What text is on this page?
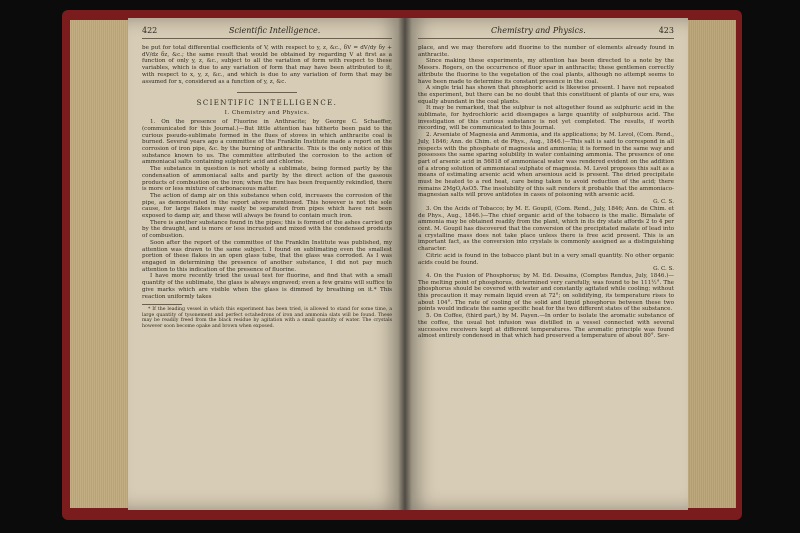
422	Scientific Intelligence.

be put for total differential coefficients of V, with respect to y, z, &c., δV = dV/dy δy + dV/dz δz, &c.; the same result that would be obtained by regarding V at first as a function of only y, z, &c., subject to all the variation of form with respect to these variables, which is due to any variation of form that may have been attributed to it, with respect to x, y, z, &c., and which is due to any variation of form that may be assumed for x, considered as a function of y, z, &c.

SCIENTIFIC INTELLIGENCE.
I. Chemistry and Physics.

1. On the presence of Fluorine in Anthracite; by George C. Schaeffer, (communicated for this Journal.)—But little attention has hitherto been paid to the curious pseudo-sublimate formed in the flues of stoves in which anthracite coal is burned. Several years ago a committee of the Franklin Institute made a report on the corrosion of iron pipe, &c. by the burning of anthracite. This is the only notice of this substance known to us. The committee attributed the corrosion to the action of ammoniacal salts containing sulphuric acid and chlorine.

The substance in question is not wholly a sublimate, being formed partly by the condensation of ammoniacal salts and partly by the direct action of the gaseous products of combustion on the iron; when the fire has been frequently rekindled, there is more or less mixture of carbonaceous matter.

The action of damp air on this substance when cold, increases the corrosion of the pipe, as demonstrated in the report above mentioned. This however is not the sole cause, for large flakes may easily be separated from pipes which have not been exposed to damp air, and these will always be found to contain much iron.

There is another substance found in the pipes; this is formed of the ashes carried up by the draught, and is more or less incrusted and mixed with the condensed products of combustion.

Soon after the report of the committee of the Franklin Institute was published, my attention was drawn to the same subject. I found on sublimating even the smallest portion of these flakes in an open glass tube, that the glass was corroded. As I was engaged in determining the presence of another substance, I did not pay much attention to this indication of the presence of fluorine.

I have more recently tried the usual test for fluorine, and find that with a small quantity of the sublimate, the glass is always engraved; even a few grains will suffice to give marks which are visible when the glass is dimmed by breathing on it.* This reaction uniformly takes

* If the leading vessel in which this experiment has been tried, is allowed to stand for some time, a large quantity of tysonement and perfect octahedrons of iron and ammonia slats will be found. These may be readily freed from the black residue by agitation with a small quantity of water. The crystals however soon become opake and brown when exposed.

Chemistry and Physics.	423

place, and we may therefore add fluorine to the number of elements already found in anthracite.

Since making these experiments, my attention has been directed to a note by the Messrs. Rogers, on the occurrence of fluor spar in anthracite; these gentlemen correctly attribute the fluorine to the vegetation of the coal plants, although no attempt seems to have been made to determine its constant presence in the coal.

A single trial has shown that phosphoric acid is likewise present. I have not repeated the experiment, but there can be no doubt that this constituent of plants of our era, was equally abundant in the coal plants.

It may be remarked, that the sulphur is not altogether found as sulphuric acid in the sublimate, for hydrochloric acid disengages a large quantity of sulphurous acid. The investigation of this curious substance is not yet completed. The results, if worth recording, will be communicated to this Journal.

2. Arseniate of Magnesia and Ammonia, and its applications; by M. Levol, (Com. Rend., July, 1846; Ann. de Chim. et de Phys., Aug., 1846.)—This salt is said to correspond in all respects with the phosphate of magnesia and ammonia; it is formed in the same way and possesses the same sparing solubility in water containing ammonia. The presence of one part of arsenic acid in 56818 of ammoniacal water was rendered evident on the addition of a strong solution of ammoniacal sulphate of magnesia. M. Levol proposes this salt as a means of estimating arsenic acid when arsenious acid is present. The dried precipitate must be heated to a red heat, care being taken to avoid reduction of the acid; there remains 2MgO,AsO5. The insolubility of this salt renders it probable that the ammoniaco-magnesian salts will prove antidotes in cases of poisoning with arsenic acid.

G. C. S.

3. On the Acids of Tobacco; by M. E. Goupil, (Com. Rend., July, 1846; Ann. de Chim. et de Phys., Aug., 1846.)—The chief organic acid of the tobacco is the malic. Bimalate of ammonia may be obtained readily from the plant, which in its dry state affords 2 to 4 per cent. M. Goupil has discovered that the conversion of the precipitated malate of lead into a crystalline mass does not take place unless there is free acid present. This is an important fact, as the conversion into crystals is commonly assigned as a distinguishing character.

Citric acid is found in the tobacco plant but in a very small quantity. No other organic acids could be found.

G. C. S.

4. On the Fusion of Phosphorus; by M. Ed. Desains, (Comptes Rendus, July, 1846.)—The melting point of phosphorus, determined very carefully, was found to be 111½°. The phosphorus should be covered with water and constantly agitated while cooling; without this precaution it may remain liquid even at 72°; on solidifying, its temperature rises to about 104°. The rate of cooling of the solid and liquid phosphorus between these two points would indicate the same specific heat for the two different states of the substance.

5. On Coffee, (third part,) by M. Payen.—In order to isolate the aromatic substance of the coffee, the usual hot infusion was distilled in a vessel connected with several successive receivers kept at different temperatures. The aromatic principle was found almost entirely condensed in that which had preserved a temperature of about 80°. Sev-
